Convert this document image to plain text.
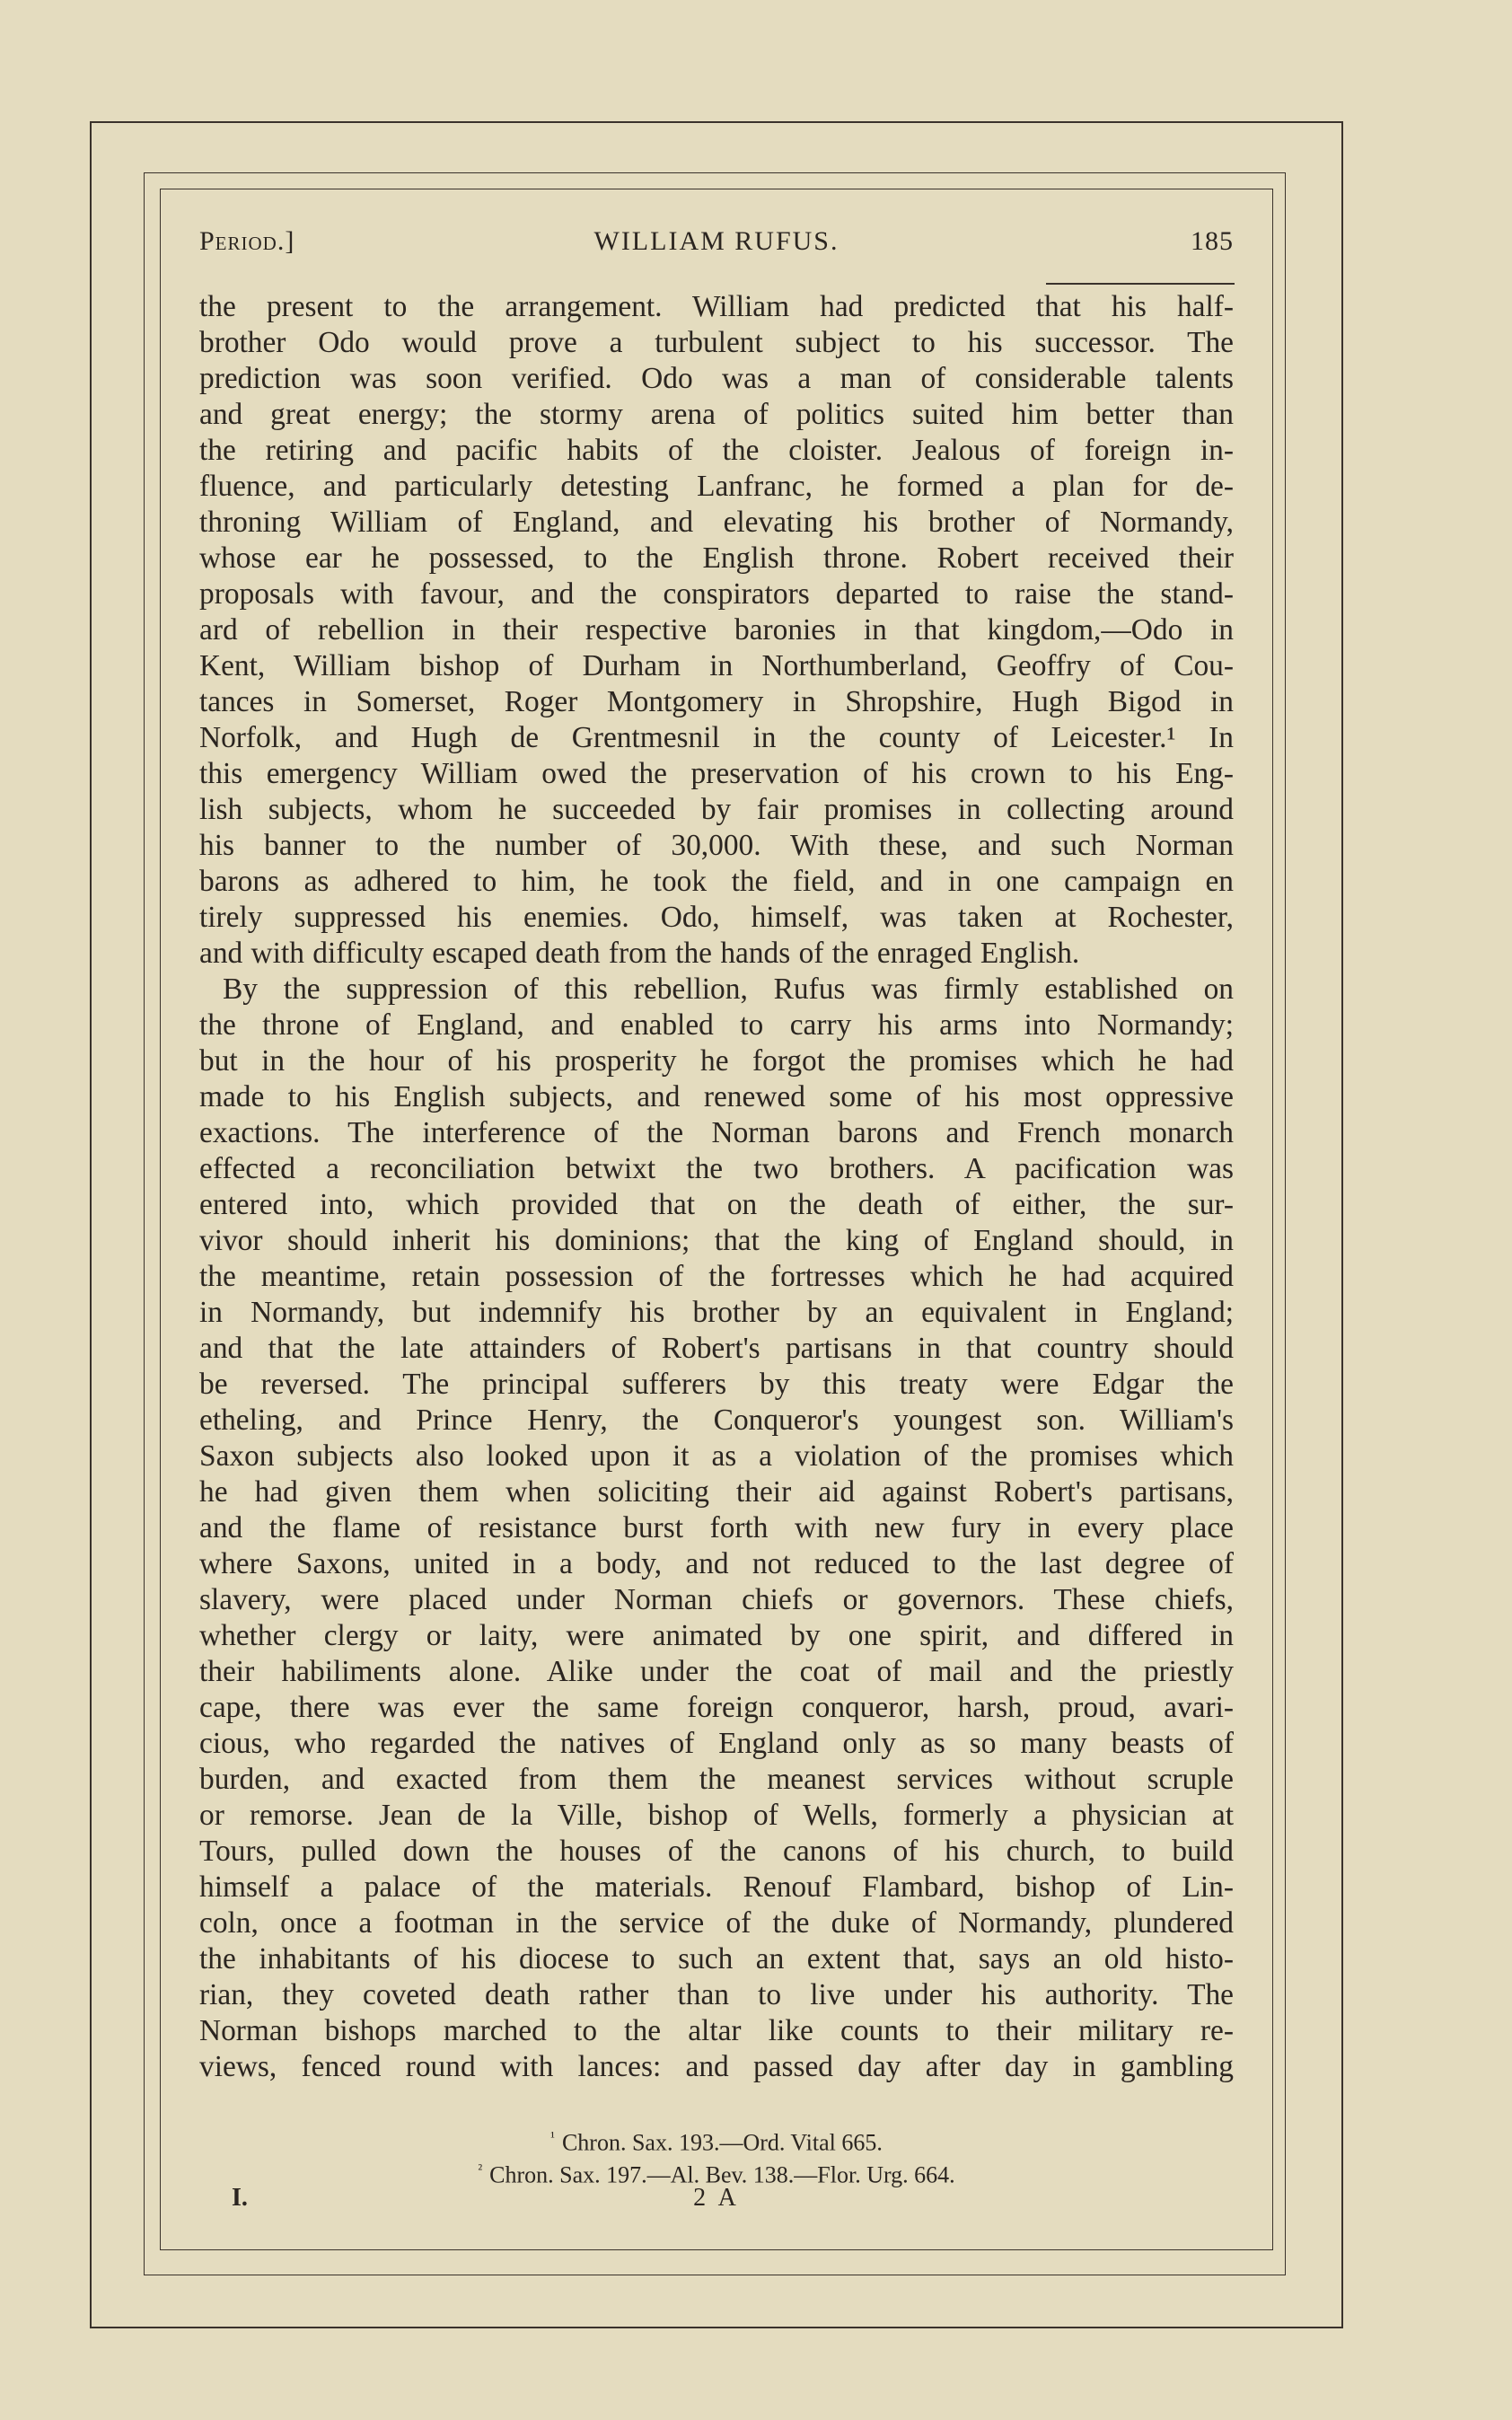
Period.]	WILLIAM RUFUS.	185
the present to the arrangement. William had predicted that his half-
brother Odo would prove a turbulent subject to his successor. The
prediction was soon verified. Odo was a man of considerable talents
and great energy; the stormy arena of politics suited him better than
the retiring and pacific habits of the cloister. Jealous of foreign in-
fluence, and particularly detesting Lanfranc, he formed a plan for de-
throning William of England, and elevating his brother of Normandy,
whose ear he possessed, to the English throne. Robert received their
proposals with favour, and the conspirators departed to raise the stand-
ard of rebellion in their respective baronies in that kingdom,—Odo in
Kent, William bishop of Durham in Northumberland, Geoffry of Cou-
tances in Somerset, Roger Montgomery in Shropshire, Hugh Bigod in
Norfolk, and Hugh de Grentmesnil in the county of Leicester.¹ In
this emergency William owed the preservation of his crown to his Eng-
lish subjects, whom he succeeded by fair promises in collecting around
his banner to the number of 30,000. With these, and such Norman
barons as adhered to him, he took the field, and in one campaign en
tirely suppressed his enemies. Odo, himself, was taken at Rochester,
and with difficulty escaped death from the hands of the enraged English.
By the suppression of this rebellion, Rufus was firmly established on
the throne of England, and enabled to carry his arms into Normandy;
but in the hour of his prosperity he forgot the promises which he had
made to his English subjects, and renewed some of his most oppressive
exactions. The interference of the Norman barons and French monarch
effected a reconciliation betwixt the two brothers. A pacification was
entered into, which provided that on the death of either, the sur-
vivor should inherit his dominions; that the king of England should, in
the meantime, retain possession of the fortresses which he had acquired
in Normandy, but indemnify his brother by an equivalent in England;
and that the late attainders of Robert's partisans in that country should
be reversed. The principal sufferers by this treaty were Edgar the
etheling, and Prince Henry, the Conqueror's youngest son. William's
Saxon subjects also looked upon it as a violation of the promises which
he had given them when soliciting their aid against Robert's partisans,
and the flame of resistance burst forth with new fury in every place
where Saxons, united in a body, and not reduced to the last degree of
slavery, were placed under Norman chiefs or governors. These chiefs,
whether clergy or laity, were animated by one spirit, and differed in
their habiliments alone. Alike under the coat of mail and the priestly
cape, there was ever the same foreign conqueror, harsh, proud, avari-
cious, who regarded the natives of England only as so many beasts of
burden, and exacted from them the meanest services without scruple
or remorse. Jean de la Ville, bishop of Wells, formerly a physician at
Tours, pulled down the houses of the canons of his church, to build
himself a palace of the materials. Renouf Flambard, bishop of Lin-
coln, once a footman in the service of the duke of Normandy, plundered
the inhabitants of his diocese to such an extent that, says an old histo-
rian, they coveted death rather than to live under his authority. The
Norman bishops marched to the altar like counts to their military re-
views, fenced round with lances: and passed day after day in gambling
$^{^1}$ Chron. Sax. 193.—Ord. Vital 665.
$^{^2}$ Chron. Sax. 197.—Al. Bev. 138.—Flor. Urg. 664.
I.	2 A
